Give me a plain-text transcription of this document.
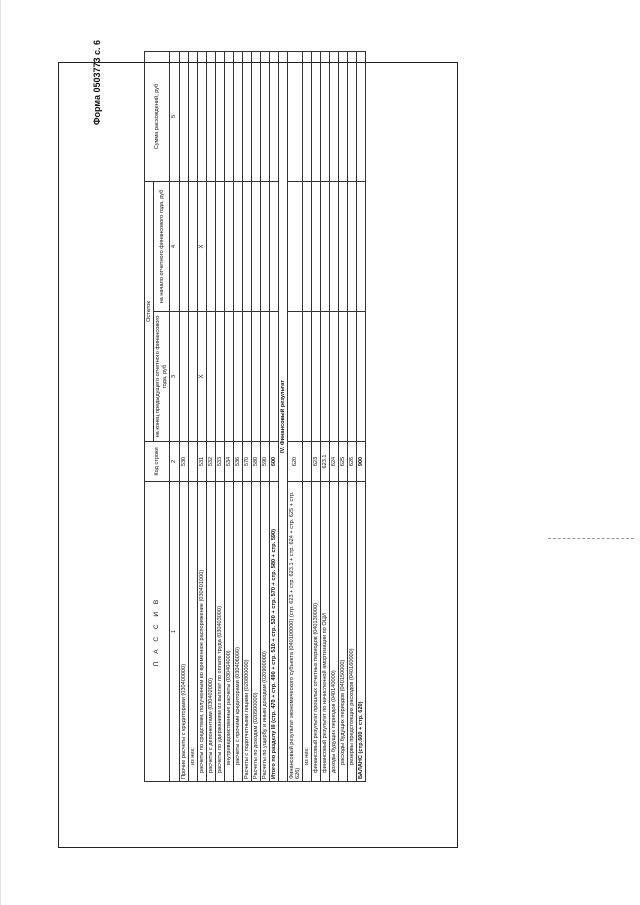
Форма 0503773 с. 6
П А С С И В	Код строки	Остаток		Сумма расхождений, руб
		на конец предыдущего отчетного финансового года, руб	на начало отчетного финансового года, руб	
1	2	3	4	5
Прочие расчеты с кредиторами (030400000)	530			
из них:				
расчеты по средствам, полученным во временное распоряжение (030401000)	531	X	X	
расчеты с депонентами (030402000)	532			
расчеты по удержаниям из выплат по оплате труда (030403000)	533			
внутриведомственные расчеты (030404000)	534			
расчеты с прочими кредиторами (030406000)	536			
Расчеты с подотчетными лицами (020800000)	570			
Расчеты по доходам (020500000)	580			
Расчеты по ущербу и иным доходам (020900000)	590			
Итого по разделу III (стр. 470 + стр. 490 + стр. 510 + стр. 530 + стр. 570 + стр. 580 + стр. 590)	600			
IV. Финансовый результат				
Финансовый результат экономического субъекта (040100000) (стр. 623 + стр. 623.1 + стр. 624 + стр. 625 + стр. 626)	620			
из них:				
финансовый результат прошлых отчетных периодов (040130000)	623			
финансовый результат по начисленной амортизации по ОЦИ	623.1			
доходы будущих периодов (040140000)	624			
расходы будущих периодов (040150000)	625			
резервы предстоящих расходов (040160000)	626			
БАЛАНС (стр.600 + стр. 620)	900			
